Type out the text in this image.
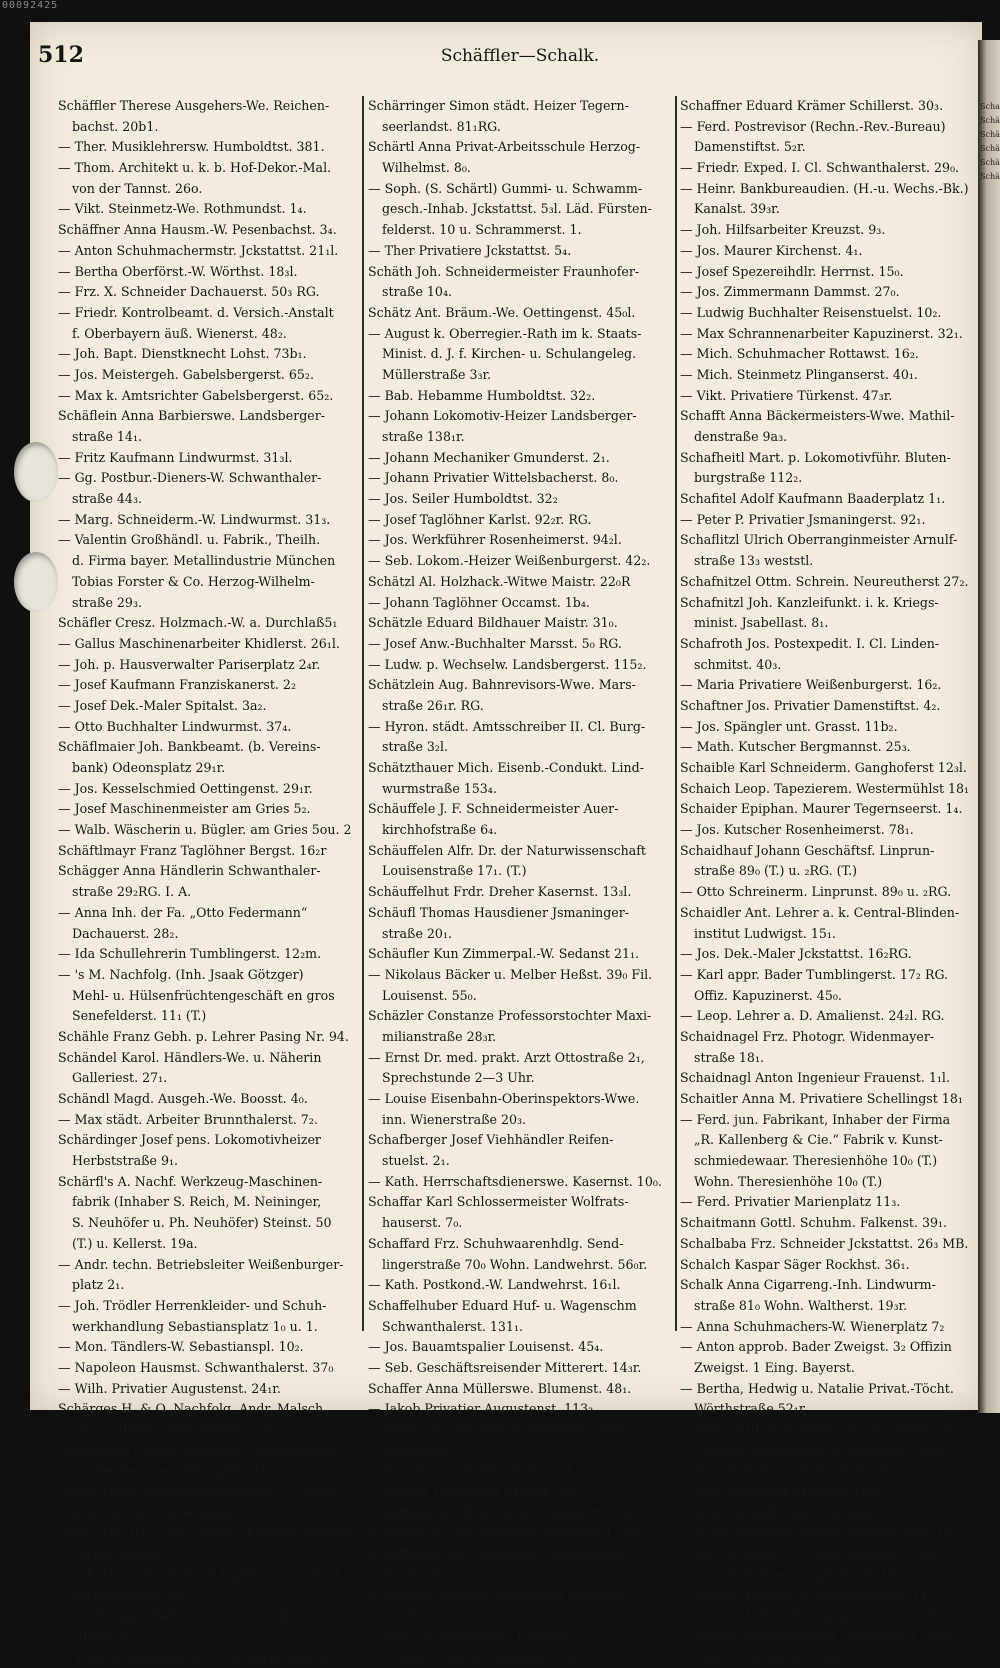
00092425
Scha
Schä
Schä
Schä
Schä
Schä
512	Schäffler—Schalk.
Schäffler Therese Ausgehers-We. Reichen-
bachst. 20b1.
— Ther. Musiklehrersw. Humboldtst. 381.
— Thom. Architekt u. k. b. Hof-Dekor.-Mal.
von der Tannst. 26o.
— Vikt. Steinmetz-We. Rothmundst. 1₄.
Schäffner Anna Hausm.-W. Pesenbachst. 3₄.
— Anton Schuhmachermstr. Jckstattst. 21₁l.
— Bertha Oberförst.-W. Wörthst. 18₃l.
— Frz. X. Schneider Dachauerst. 50₃ RG.
— Friedr. Kontrolbeamt. d. Versich.-Anstalt
f. Oberbayern äuß. Wienerst. 48₂.
— Joh. Bapt. Dienstknecht Lohst. 73b₁.
— Jos. Meistergeh. Gabelsbergerst. 65₂.
— Max k. Amtsrichter Gabelsbergerst. 65₂.
Schäflein Anna Barbierswe. Landsberger-
straße 14₁.
— Fritz Kaufmann Lindwurmst. 31₃l.
— Gg. Postbur.-Dieners-W. Schwanthaler-
straße 44₃.
— Marg. Schneiderm.-W. Lindwurmst. 31₃.
— Valentin Großhändl. u. Fabrik., Theilh.
d. Firma bayer. Metallindustrie München
Tobias Forster & Co. Herzog-Wilhelm-
straße 29₃.
Schäfler Cresz. Holzmach.-W. a. Durchlaß5₁
— Gallus Maschinenarbeiter Khidlerst. 26₁l.
— Joh. p. Hausverwalter Pariserplatz 2₄r.
— Josef Kaufmann Franziskanerst. 2₂
— Josef Dek.-Maler Spitalst. 3a₂.
— Otto Buchhalter Lindwurmst. 37₄.
Schäflmaier Joh. Bankbeamt. (b. Vereins-
bank) Odeonsplatz 29₁r.
— Jos. Kesselschmied Oettingenst. 29₁r.
— Josef Maschinenmeister am Gries 5₂.
— Walb. Wäscherin u. Bügler. am Gries 5ou. 2
Schäftlmayr Franz Taglöhner Bergst. 16₂r
Schägger Anna Händlerin Schwanthaler-
straße 29₂RG. I. A.
— Anna Inh. der Fa. „Otto Federmann“
Dachauerst. 28₂.
— Ida Schullehrerin Tumblingerst. 12₂m.
— 's M. Nachfolg. (Inh. Jsaak Götzger)
Mehl- u. Hülsenfrüchtengeschäft en gros
Senefelderst. 11₁ (T.)
Schähle Franz Gebh. p. Lehrer Pasing Nr. 94.
Schändel Karol. Händlers-We. u. Näherin
Galleriest. 27₁.
Schändl Magd. Ausgeh.-We. Boosst. 4₀.
— Max städt. Arbeiter Brunnthalerst. 7₂.
Schärdinger Josef pens. Lokomotivheizer
Herbststraße 9₁.
Schärfl's A. Nachf. Werkzeug-Maschinen-
fabrik (Inhaber S. Reich, M. Neininger,
S. Neuhöfer u. Ph. Neuhöfer) Steinst. 50
(T.) u. Kellerst. 19a.
— Andr. techn. Betriebsleiter Weißenburger-
platz 2₁.
— Joh. Trödler Herrenkleider- und Schuh-
werkhandlung Sebastiansplatz 1₀ u. 1.
— Mon. Tändlers-W. Sebastianspl. 10₂.
— Napoleon Hausmst. Schwanthalerst. 37₀
— Wilh. Privatier Augustenst. 24₁r.
Schärges H. & O. Nachfolg. Andr. Malsch
Charcutiergeschäft Dienerst. 8₀.
Schäringer Ludwig städtisch. Fondskassier
u. Oberbeamter Petersplatz 10₂
Schärl Gebr. Kupferschmiedgesch. u. Metall
waaren-Fbk. Färbergraben 2₀1.
Schärl Gg. (Fa. Gebr. Schärl) Kupferschmiedm
Färbergraben 2₀1.
— Jak. (Fa. Gebr. Schärl) Kupferschmiedmst.
Färbergraben 2₀1.
— Ludw. appr. Bader u. Zahntechnik. Türken-
straße 20₂l.
— Ther. Schullehrer. a. D. Färbergraben 2₂.
Schärringer Simon städt. Heizer Tegern-
seerlandst. 81₁RG.
Schärtl Anna Privat-Arbeitsschule Herzog-
Wilhelmst. 8₀.
— Soph. (S. Schärtl) Gummi- u. Schwamm-
gesch.-Inhab. Jckstattst. 5₃l. Läd. Fürsten-
felderst. 10 u. Schrammerst. 1.
— Ther Privatiere Jckstattst. 5₄.
Schäth Joh. Schneidermeister Fraunhofer-
straße 10₄.
Schätz Ant. Bräum.-We. Oettingenst. 45₀l.
— August k. Oberregier.-Rath im k. Staats-
Minist. d. J. f. Kirchen- u. Schulangeleg.
Müllerstraße 3₃r.
— Bab. Hebamme Humboldtst. 32₂.
— Johann Lokomotiv-Heizer Landsberger-
straße 138₁r.
— Johann Mechaniker Gmunderst. 2₁.
— Johann Privatier Wittelsbacherst. 8₀.
— Jos. Seiler Humboldtst. 32₂
— Josef Taglöhner Karlst. 92₂r. RG.
— Jos. Werkführer Rosenheimerst. 94₂l.
— Seb. Lokom.-Heizer Weißenburgerst. 42₂.
Schätzl Al. Holzhack.-Witwe Maistr. 22₀R
— Johann Taglöhner Occamst. 1b₄.
Schätzle Eduard Bildhauer Maistr. 31₀.
— Josef Anw.-Buchhalter Marsst. 5₀ RG.
— Ludw. p. Wechselw. Landsbergerst. 115₂.
Schätzlein Aug. Bahnrevisors-Wwe. Mars-
straße 26₁r. RG.
— Hyron. städt. Amtsschreiber II. Cl. Burg-
straße 3₂l.
Schätzthauer Mich. Eisenb.-Condukt. Lind-
wurmstraße 153₄.
Schäuffele J. F. Schneidermeister Auer-
kirchhofstraße 6₄.
Schäuffelen Alfr. Dr. der Naturwissenschaft
Louisenstraße 17₁. (T.)
Schäuffelhut Frdr. Dreher Kasernst. 13₃l.
Schäufl Thomas Hausdiener Jsmaninger-
straße 20₁.
Schäufler Kun Zimmerpal.-W. Sedanst 21₁.
— Nikolaus Bäcker u. Melber Heßst. 39₀ Fil.
Louisenst. 55₀.
Schäzler Constanze Professorstochter Maxi-
milianstraße 28₃r.
— Ernst Dr. med. prakt. Arzt Ottostraße 2₁,
Sprechstunde 2—3 Uhr.
— Louise Eisenbahn-Oberinspektors-Wwe.
inn. Wienerstraße 20₃.
Schafberger Josef Viehhändler Reifen-
stuelst. 2₁.
— Kath. Herrschaftsdienerswe. Kasernst. 10₀.
Schaffar Karl Schlossermeister Wolfrats-
hauserst. 7₀.
Schaffard Frz. Schuhwaarenhdlg. Send-
lingerstraße 70₀ Wohn. Landwehrst. 56₀r.
— Kath. Postkond.-W. Landwehrst. 16₁l.
Schaffelhuber Eduard Huf- u. Wagenschm
Schwanthalerst. 131₁.
— Jos. Bauamtspalier Louisenst. 45₄.
— Seb. Geschäftsreisender Mitterert. 14₃r.
Schaffer Anna Müllerswe. Blumenst. 48₁.
— Jakob Privatier Augustenst. 113₂.
— Heinr. Marketenderei-Verwalter Ober-
wiesenfeld 21₁.
— Joh. Schmiedhelfer Orleansst. 1₃r.
— Robert Tapezierer Arcisst. 58₁.
Schaffhauser Mich. Melber Adalbertst. 43₀.
Schaffitz Gg. Werkmeister Augustenst. 83₃.
Schaffmeier Jos. Ausgeher Gabelsberger-
straße 68₀.
Schaffner Andregs Obermüller Sommer-
straße 7d₂.
— Andr. Schreinergeh. Dammst. 23₁.
— Christ. Privatier Sonnenst. 10₁.
Schaffner Eduard Krämer Schillerst. 30₃.
— Ferd. Postrevisor (Rechn.-Rev.-Bureau)
Damenstiftst. 5₂r.
— Friedr. Exped. I. Cl. Schwanthalerst. 29₀.
— Heinr. Bankbureaudien. (H.-u. Wechs.-Bk.)
Kanalst. 39₃r.
— Joh. Hilfsarbeiter Kreuzst. 9₃.
— Jos. Maurer Kirchenst. 4₁.
— Josef Spezereihdlr. Herrnst. 15₀.
— Jos. Zimmermann Dammst. 27₀.
— Ludwig Buchhalter Reisenstuelst. 10₂.
— Max Schrannenarbeiter Kapuzinerst. 32₁.
— Mich. Schuhmacher Rottawst. 16₂.
— Mich. Steinmetz Plinganserst. 40₁.
— Vikt. Privatiere Türkenst. 47₃r.
Schafft Anna Bäckermeisters-Wwe. Mathil-
denstraße 9a₃.
Schafheitl Mart. p. Lokomotivführ. Bluten-
burgstraße 112₂.
Schafitel Adolf Kaufmann Baaderplatz 1₁.
— Peter P. Privatier Jsmaningerst. 92₁.
Schaflitzl Ulrich Oberranginmeister Arnulf-
straße 13₃ weststl.
Schafnitzel Ottm. Schrein. Neureutherst 27₂.
Schafnitzl Joh. Kanzleifunkt. i. k. Kriegs-
minist. Jsabellast. 8₁.
Schafroth Jos. Postexpedit. I. Cl. Linden-
schmitst. 40₃.
— Maria Privatiere Weißenburgerst. 16₂.
Schaftner Jos. Privatier Damenstiftst. 4₂.
— Jos. Spängler unt. Grasst. 11b₂.
— Math. Kutscher Bergmannst. 25₃.
Schaible Karl Schneiderm. Ganghoferst 12₃l.
Schaich Leop. Tapezierem. Westermühlst 18₁
Schaider Epiphan. Maurer Tegernseerst. 1₄.
— Jos. Kutscher Rosenheimerst. 78₁.
Schaidhauf Johann Geschäftsf. Linprun-
straße 89₀ (T.) u. ₂RG. (T.)
— Otto Schreinerm. Linprunst. 89₀ u. ₂RG.
Schaidler Ant. Lehrer a. k. Central-Blinden-
institut Ludwigst. 15₁.
— Jos. Dek.-Maler Jckstattst. 16₂RG.
— Karl appr. Bader Tumblingerst. 17₂ RG.
Offiz. Kapuzinerst. 45₀.
— Leop. Lehrer a. D. Amalienst. 24₂l. RG.
Schaidnagel Frz. Photogr. Widenmayer-
straße 18₁.
Schaidnagl Anton Ingenieur Frauenst. 1₁l.
Schaitler Anna M. Privatiere Schellingst 18₁
— Ferd. jun. Fabrikant, Inhaber der Firma
„R. Kallenberg & Cie.“ Fabrik v. Kunst-
schmiedewaar. Theresienhöhe 10₀ (T.)
Wohn. Theresienhöhe 10₀ (T.)
— Ferd. Privatier Marienplatz 11₃.
Schaitmann Gottl. Schuhm. Falkenst. 39₁.
Schalbaba Frz. Schneider Jckstattst. 26₃ MB.
Schalch Kaspar Säger Rockhst. 36₁.
Schalk Anna Cigarreng.-Inh. Lindwurm-
straße 81₀ Wohn. Waltherst. 19₃r.
— Anna Schuhmachers-W. Wienerplatz 7₂
— Anton approb. Bader Zweigst. 3₂ Offizin
Zweigst. 1 Eing. Bayerst.
— Bertha, Hedwig u. Natalie Privat.-Töcht.
Wörthstraße 52₁r.
— Bon. Sattl.-u. Tapezierem. ob. Feldst. 16₀.
— Casilda Wagenwärt.-W. Waltherst. 19₃r.
— Joh. Taglöhner Bruderhofst. 9₃.
— Joh. Taglöhner Marktst. 12₃r
— Josef Schäffler am Durchlaß 18¹/₂₀.
— Josef Wagenwärtergeh. Rupprechtst. 16₂.
— Kar. Schuhm.-W. Gewürzmühlst. 1₃₀RG.
— Lor. Taglöhner Ganghoferst. 16₁.
— Maria Maurers-W. Lerchenfeldst. 14₁.
— Maria Müllers-W. Adelgundenst. 19₂RG.
— Martin Nagelschmied Lindwurmst. 9₂RG.
Gesch. Jckstattst. 3 ₀RG.
